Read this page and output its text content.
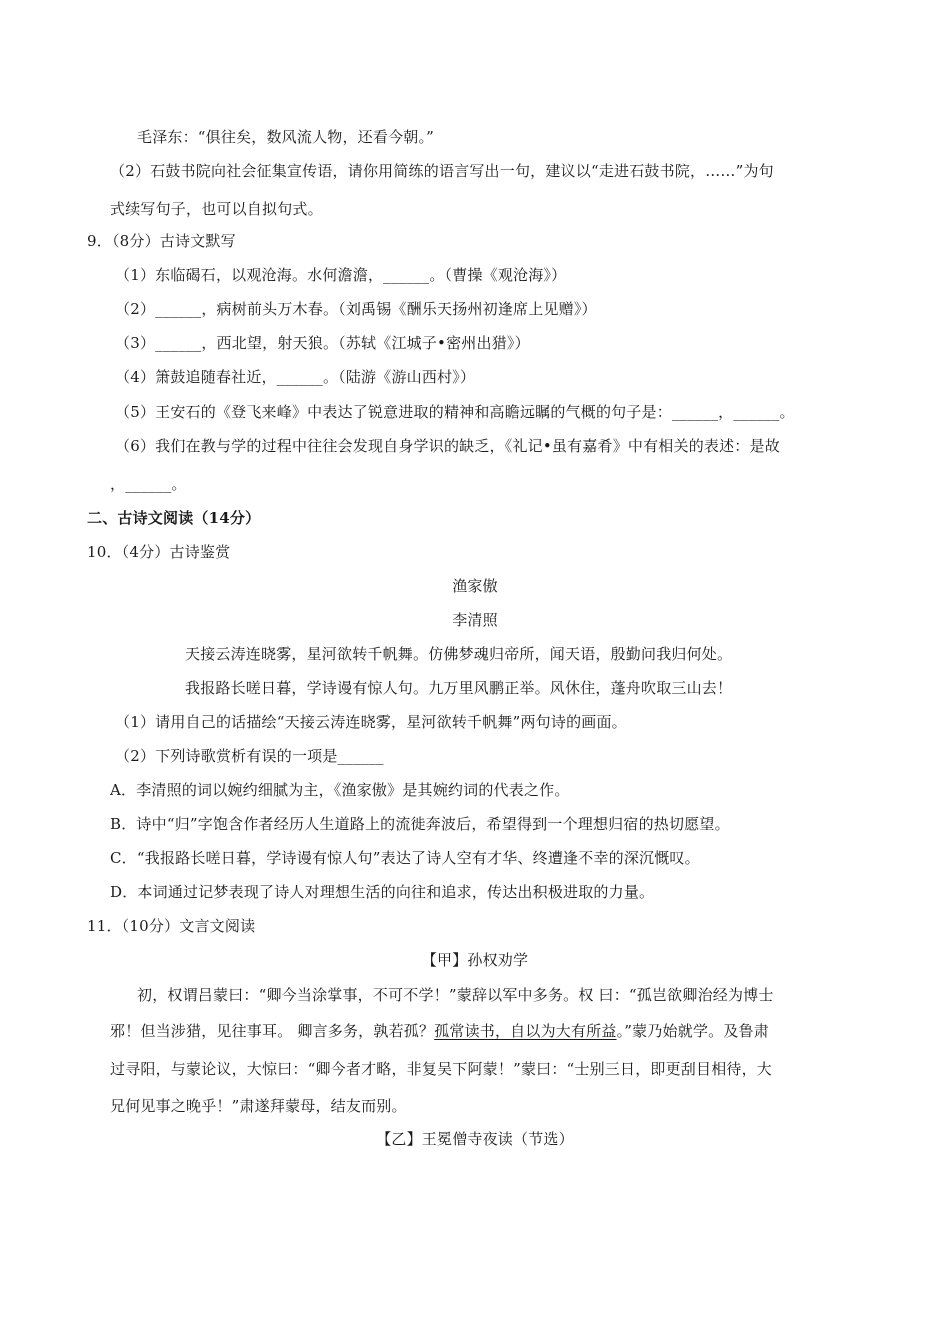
毛泽东：“俱往矣，数风流人物，还看今朝。”
（2）石鼓书院向社会征集宣传语，请你用简练的语言写出一句，建议以“走进石鼓书院，……”为句
式续写句子，也可以自拟句式。
9．（8分）古诗文默写
（1）东临碣石，以观沧海。水何澹澹，______。（曹操《观沧海》）
（2）______，病树前头万木春。（刘禹锡《酬乐天扬州初逢席上见赠》）
（3）______，西北望，射天狼。（苏轼《江城子•密州出猎》）
（4）箫鼓追随春社近，______。（陆游《游山西村》）
（5）王安石的《登飞来峰》中表达了锐意进取的精神和高瞻远瞩的气概的句子是：______，______。
（6）我们在教与学的过程中往往会发现自身学识的缺乏，《礼记•虽有嘉肴》中有相关的表述：是故
，______。
二、古诗文阅读（14分）
10．（4分）古诗鉴赏
渔家傲
李清照
天接云涛连晓雾，星河欲转千帆舞。仿佛梦魂归帝所，闻天语，殷勤问我归何处。
我报路长嗟日暮，学诗谩有惊人句。九万里风鹏正举。风休住，蓬舟吹取三山去！
（1）请用自己的话描绘“天接云涛连晓雾，星河欲转千帆舞”两句诗的画面。
（2）下列诗歌赏析有误的一项是______
A．李清照的词以婉约细腻为主，《渔家傲》是其婉约词的代表之作。
B．诗中“归”字饱含作者经历人生道路上的流徙奔波后，希望得到一个理想归宿的热切愿望。
C．“我报路长嗟日暮，学诗谩有惊人句”表达了诗人空有才华、终遭逢不幸的深沉慨叹。
D．本词通过记梦表现了诗人对理想生活的向往和追求，传达出积极进取的力量。
11．（10分）文言文阅读
【甲】孙权劝学
初，权谓吕蒙曰：“卿今当涂掌事，不可不学！”蒙辞以军中多务。权 曰：“孤岂欲卿治经为博士
邪！但当涉猎，见往事耳。 卿言多务，孰若孤？孤常读书，自以为大有所益。”蒙乃始就学。及鲁肃
过寻阳，与蒙论议，大惊曰：“卿今者才略，非复吴下阿蒙！”蒙曰：“士别三日，即更刮目相待，大
兄何见事之晚乎！”肃遂拜蒙母，结友而别。
【乙】王冕僧寺夜读（节选）
